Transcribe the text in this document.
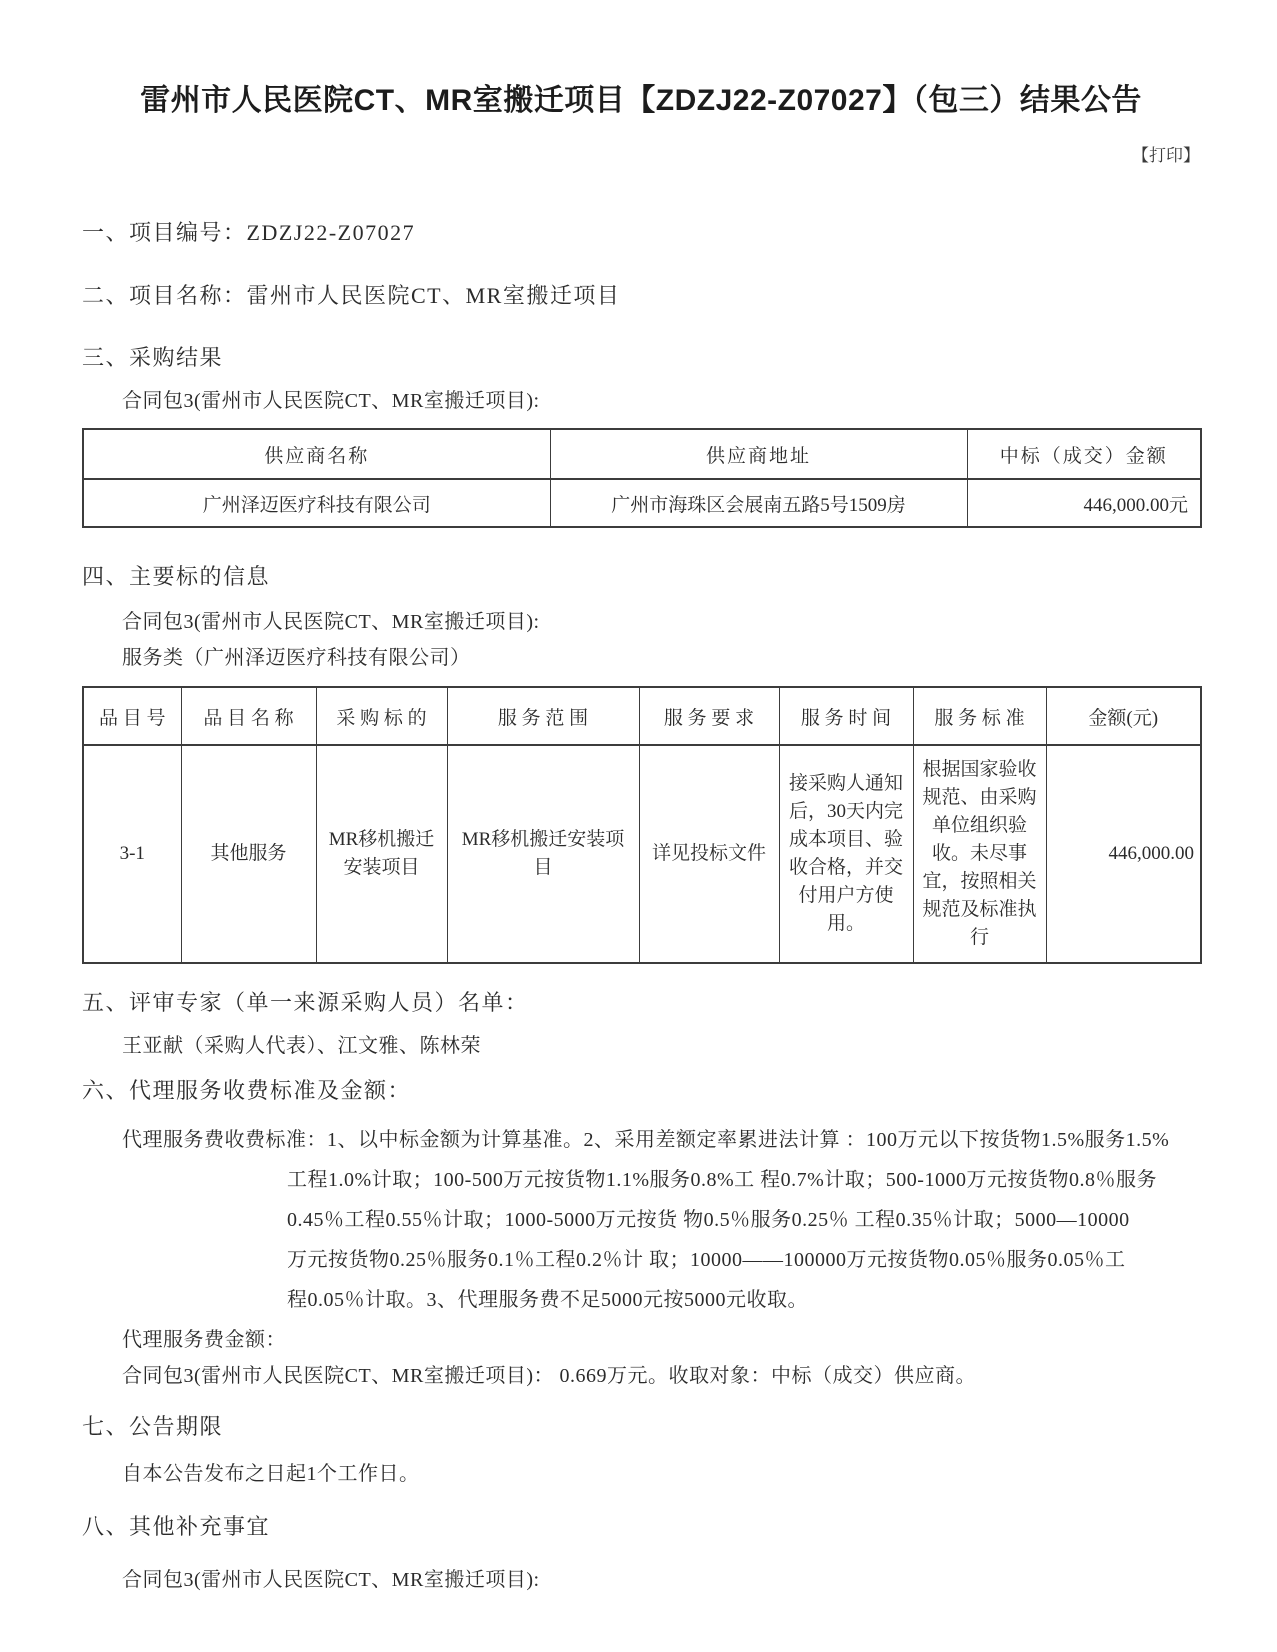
雷州市人民医院CT、MR室搬迁项目【ZDZJ22-Z07027】（包三）结果公告
【打印】
一、项目编号：ZDZJ22-Z07027
二、项目名称：雷州市人民医院CT、MR室搬迁项目
三、采购结果
合同包3(雷州市人民医院CT、MR室搬迁项目):
供应商名称	供应商地址	中标（成交）金额
广州泽迈医疗科技有限公司	广州市海珠区会展南五路5号1509房	446,000.00元
四、主要标的信息
合同包3(雷州市人民医院CT、MR室搬迁项目):
服务类（广州泽迈医疗科技有限公司）
品 目 号	品 目 名 称	采 购 标 的	服 务 范 围	服 务 要 求	服 务 时 间	服 务 标 准	金额(元)
3-1	其他服务	MR移机搬迁安装项目	MR移机搬迁安装项目	详见投标文件	接采购人通知后，30天内完成本项目、验收合格，并交付用户方使用。	根据国家验收规范、由采购单位组织验收。未尽事宜，按照相关规范及标准执行	446,000.00
五、评审专家（单一来源采购人员）名单：
王亚献（采购人代表）、江文雅、陈林荣
六、代理服务收费标准及金额：
代理服务费收费标准：1、以中标金额为计算基准。2、采用差额定率累进法计算 ：100万元以下按货物1.5%服务1.5%
工程1.0%计取；100-500万元按货物1.1%服务0.8%工 程0.7%计取；500-1000万元按货物0.8％服务
0.45％工程0.55％计取；1000-5000万元按货 物0.5％服务0.25％ 工程0.35％计取；5000—10000
万元按货物0.25％服务0.1％工程0.2％计 取；10000——100000万元按货物0.05％服务0.05％工
程0.05％计取。3、代理服务费不足5000元按5000元收取。
代理服务费金额：
合同包3(雷州市人民医院CT、MR室搬迁项目)： 0.669万元。收取对象：中标（成交）供应商。
七、公告期限
自本公告发布之日起1个工作日。
八、其他补充事宜
合同包3(雷州市人民医院CT、MR室搬迁项目):
